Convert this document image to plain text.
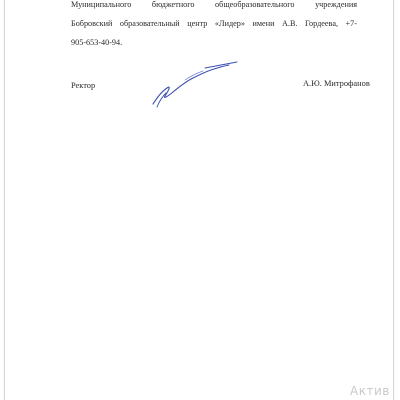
Муниципального бюджетного общеобразовательного учреждения
Бобровский образовательный центр «Лидер» имени А.В. Гордеева, +7-
905-653-40-94.
Ректор	А.Ю. Митрофанов
Актив
